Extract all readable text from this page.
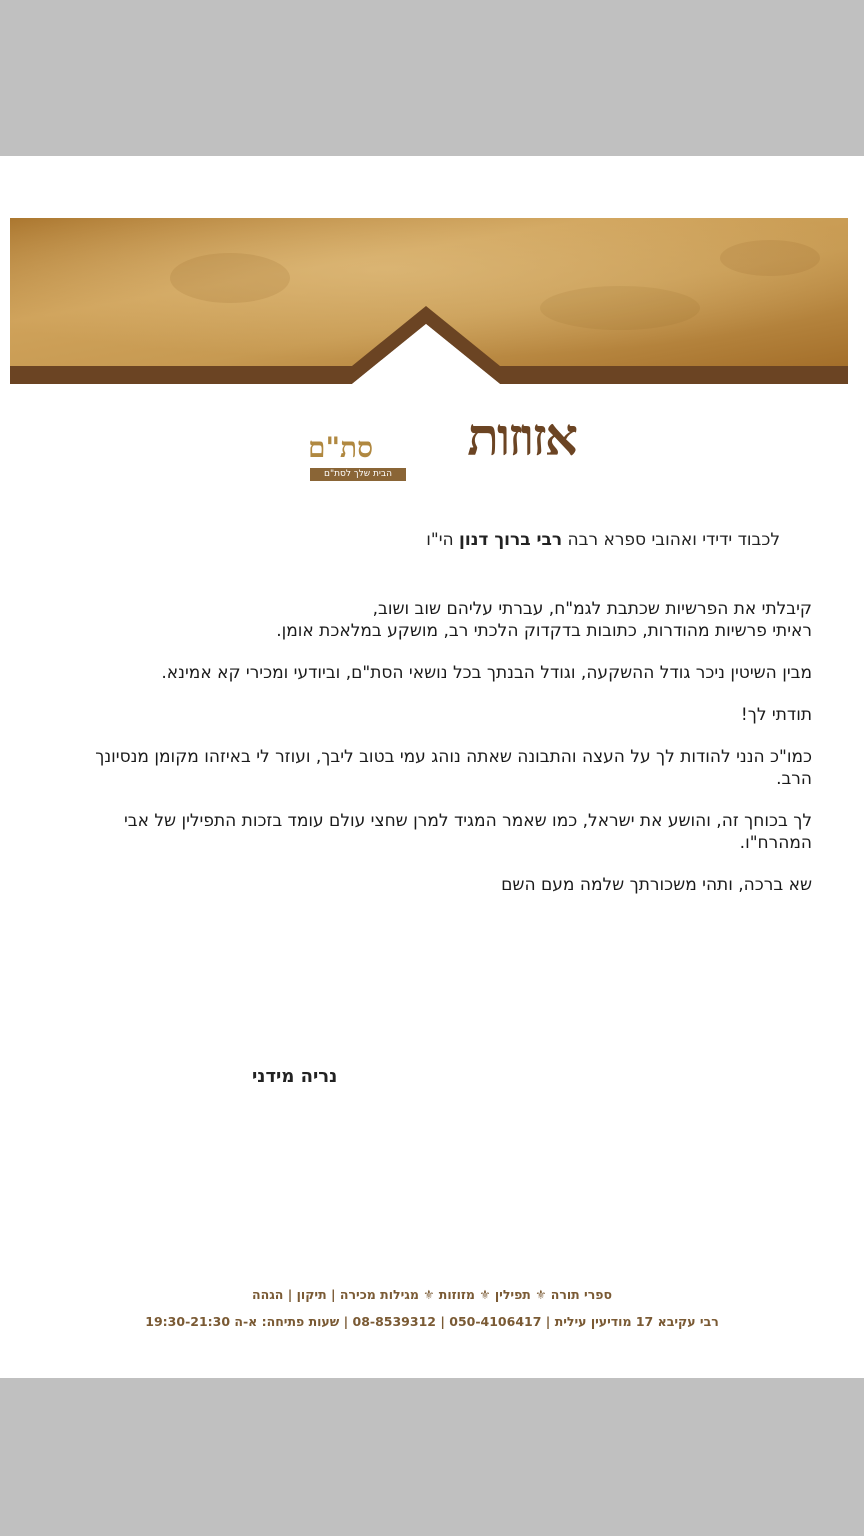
אזוזות
סת"ם
הבית שלך לסת"ם
לכבוד ידידי ואהובי ספרא רבה רבי ברוך דנון הי"ו
קיבלתי את הפרשיות שכתבת לגמ"ח, עברתי עליהם שוב ושוב,
ראיתי פרשיות מהודרות, כתובות בדקדוק הלכתי רב, מושקע במלאכת אומן.
מבין השיטין ניכר גודל ההשקעה, וגודל הבנתך בכל נושאי הסת"ם, וביודעי ומכירי קא אמינא.
תודתי לך!
כמו"כ הנני להודות לך על העצה והתבונה שאתה נוהג עמי בטוב ליבך, ועוזר לי באיזהו מקומן מנסיונך הרב.
לך בכוחך זה, והושע את ישראל, כמו שאמר המגיד למרן שחצי עולם עומד בזכות התפילין של אבי המהרח"ו.
שא ברכה, ותהי משכורתך שלמה מעם השם
נריה מידני
ספרי תורה ⚜ תפילין ⚜ מזוזות ⚜ מגילות מכירה | תיקון | הגהה
רבי עקיבא 17 מודיעין עילית | 050-4106417 | 08-8539312 | שעות פתיחה: א-ה 19:30-21:30
